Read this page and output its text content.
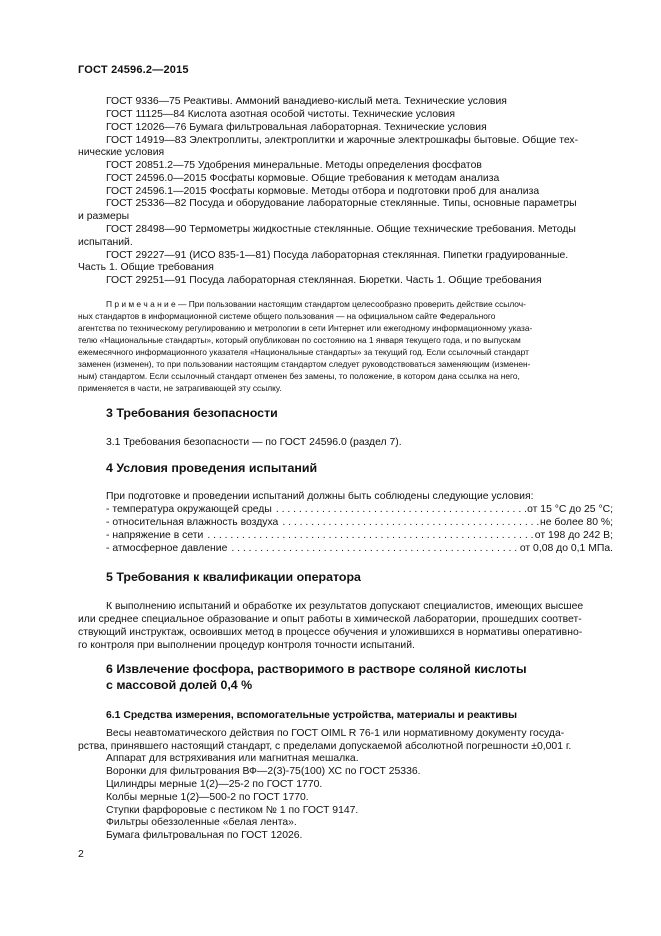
ГОСТ 24596.2—2015
ГОСТ 9336—75 Реактивы. Аммоний ванадиево-кислый мета. Технические условия
ГОСТ 11125—84 Кислота азотная особой чистоты. Технические условия
ГОСТ 12026—76 Бумага фильтровальная лабораторная. Технические условия
ГОСТ 14919—83 Электроплиты, электроплитки и жарочные электрошкафы бытовые. Общие тех-
нические условия
ГОСТ 20851.2—75 Удобрения минеральные. Методы определения фосфатов
ГОСТ 24596.0—2015 Фосфаты кормовые. Общие требования к методам анализа
ГОСТ 24596.1—2015 Фосфаты кормовые. Методы отбора и подготовки проб для анализа
ГОСТ 25336—82 Посуда и оборудование лабораторные стеклянные. Типы, основные параметры
и размеры
ГОСТ 28498—90 Термометры жидкостные стеклянные. Общие технические требования. Методы
испытаний.
ГОСТ 29227—91 (ИСО 835-1—81) Посуда лабораторная стеклянная. Пипетки градуированные.
Часть 1. Общие требования
ГОСТ 29251—91 Посуда лабораторная стеклянная. Бюретки. Часть 1. Общие требования
П р и м е ч а н и е — При пользовании настоящим стандартом целесообразно проверить действие ссылоч-
ных стандартов в информационной системе общего пользования — на официальном сайте Федерального
агентства по техническому регулированию и метрологии в сети Интернет или ежегодному информационному указа-
телю «Национальные стандарты», который опубликован по состоянию на 1 января текущего года, и по выпускам
ежемесячного информационного указателя «Национальные стандарты» за текущий год. Если ссылочный стандарт
заменен (изменен), то при пользовании настоящим стандартом следует руководствоваться заменяющим (изменен-
ным) стандартом. Если ссылочный стандарт отменен без замены, то положение, в котором дана ссылка на него,
применяется в части, не затрагивающей эту ссылку.
3 Требования безопасности
3.1 Требования безопасности — по ГОСТ 24596.0 (раздел 7).
4 Условия проведения испытаний
При подготовке и проведении испытаний должны быть соблюдены следующие условия:
- температура окружающей среды . . .	от 15 °С до 25 °С;
- относительная влажность воздуха . . .	не более 80 %;
- напряжение в сети . . .	от 198 до 242 В;
- атмосферное давление . . .	от 0,08 до 0,1 МПа.
5 Требования к квалификации оператора
К выполнению испытаний и обработке их результатов допускают специалистов, имеющих высшее
или среднее специальное образование и опыт работы в химической лаборатории, прошедших соответ-
ствующий инструктаж, освоивших метод в процессе обучения и уложившихся в нормативы оперативно-
го контроля при выполнении процедур контроля точности испытаний.
6 Извлечение фосфора, растворимого в растворе соляной кислоты
с массовой долей 0,4 %
6.1 Средства измерения, вспомогательные устройства, материалы и реактивы
Весы неавтоматического действия по ГОСТ OIML R 76-1 или нормативному документу госуда-
рства, принявшего настоящий стандарт, с пределами допускаемой абсолютной погрешности ±0,001 г.
Аппарат для встряхивания или магнитная мешалка.
Воронки для фильтрования ВФ—2(3)-75(100) ХС по ГОСТ 25336.
Цилиндры мерные 1(2)—25-2 по ГОСТ 1770.
Колбы мерные 1(2)—500-2 по ГОСТ 1770.
Ступки фарфоровые с пестиком № 1 по ГОСТ 9147.
Фильтры обеззоленные «белая лента».
Бумага фильтровальная по ГОСТ 12026.
2
